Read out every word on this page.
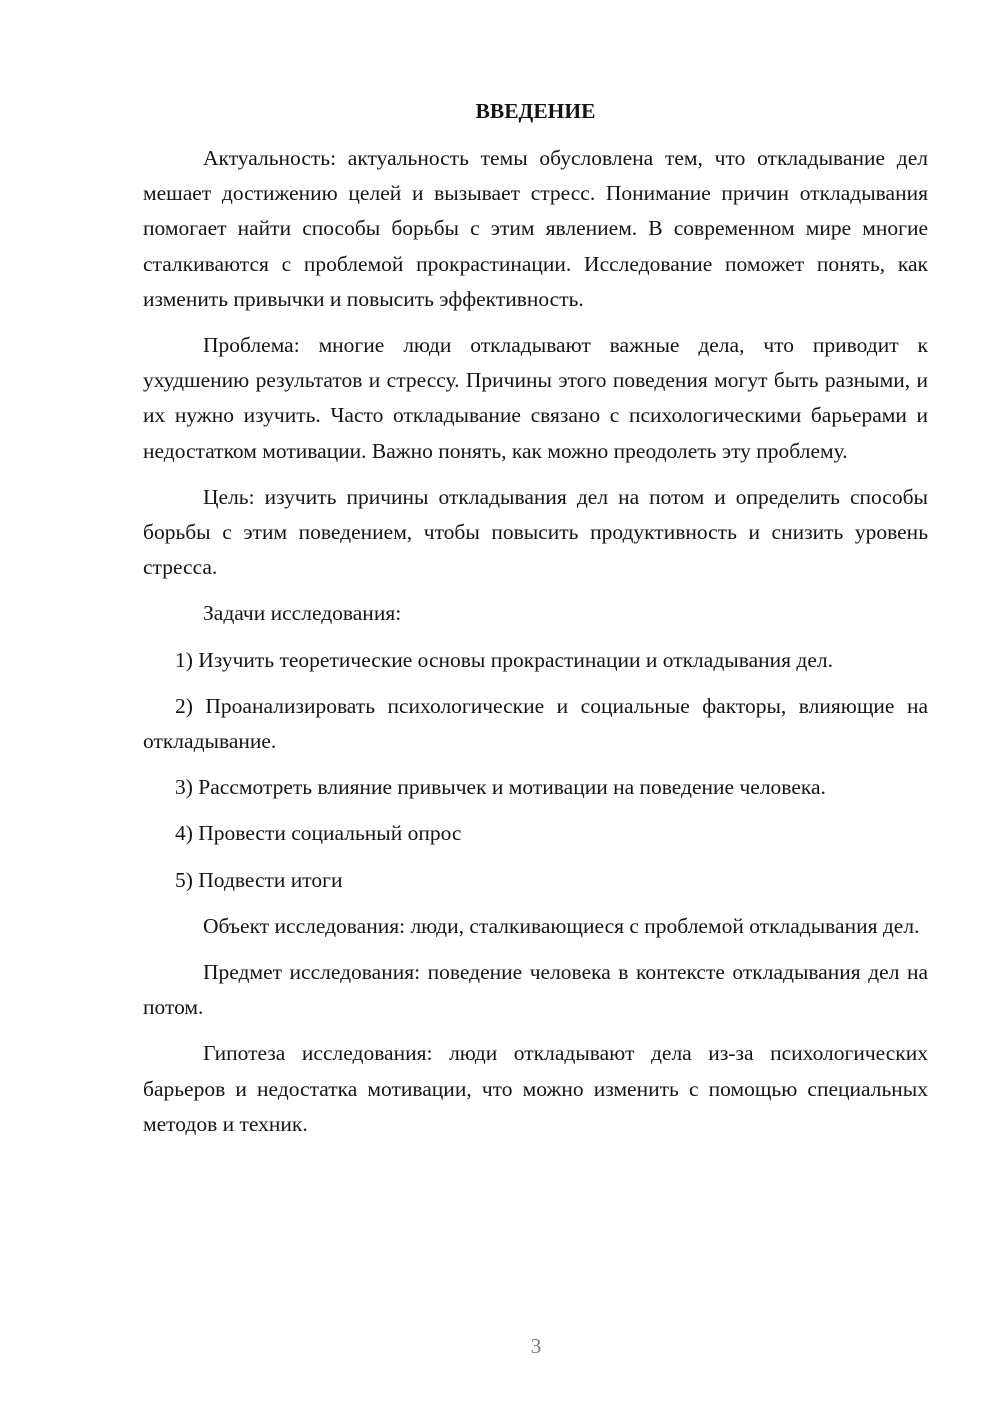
ВВЕДЕНИЕ

Актуальность: актуальность темы обусловлена тем, что откладывание дел мешает достижению целей и вызывает стресс. Понимание причин откладывания помогает найти способы борьбы с этим явлением. В современном мире многие сталкиваются с проблемой прокрастинации. Исследование поможет понять, как изменить привычки и повысить эффективность.

Проблема: многие люди откладывают важные дела, что приводит к ухудшению результатов и стрессу. Причины этого поведения могут быть разными, и их нужно изучить. Часто откладывание связано с психологическими барьерами и недостатком мотивации. Важно понять, как можно преодолеть эту проблему.

Цель: изучить причины откладывания дел на потом и определить способы борьбы с этим поведением, чтобы повысить продуктивность и снизить уровень стресса.

Задачи исследования:

1) Изучить теоретические основы прокрастинации и откладывания дел.

2) Проанализировать психологические и социальные факторы, влияющие на откладывание.

3) Рассмотреть влияние привычек и мотивации на поведение человека.

4) Провести социальный опрос

5) Подвести итоги

Объект исследования: люди, сталкивающиеся с проблемой откладывания дел.

Предмет исследования: поведение человека в контексте откладывания дел на потом.

Гипотеза исследования: люди откладывают дела из-за психологических барьеров и недостатка мотивации, что можно изменить с помощью специальных методов и техник.

3
